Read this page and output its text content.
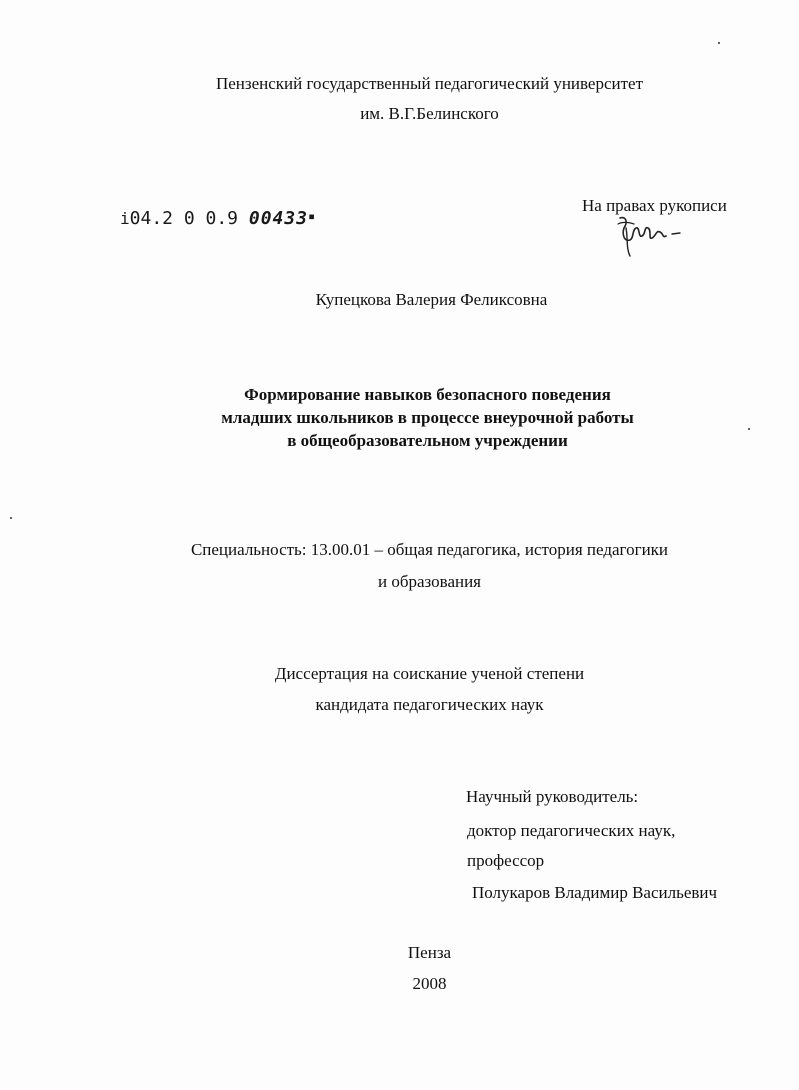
Пензенский государственный педагогический университет
им. В.Г.Белинского
i04.2 0 0.9 00433▪
На правах рукописи
Купецкова Валерия Феликсовна
Формирование навыков безопасного поведения
младших школьников в процессе внеурочной работы
в общеобразовательном учреждении
Специальность: 13.00.01 – общая педагогика, история педагогики
и образования
Диссертация на соискание ученой степени
кандидата педагогических наук
Научный руководитель:
доктор педагогических наук,
профессор
Полукаров Владимир Васильевич
Пенза
2008
